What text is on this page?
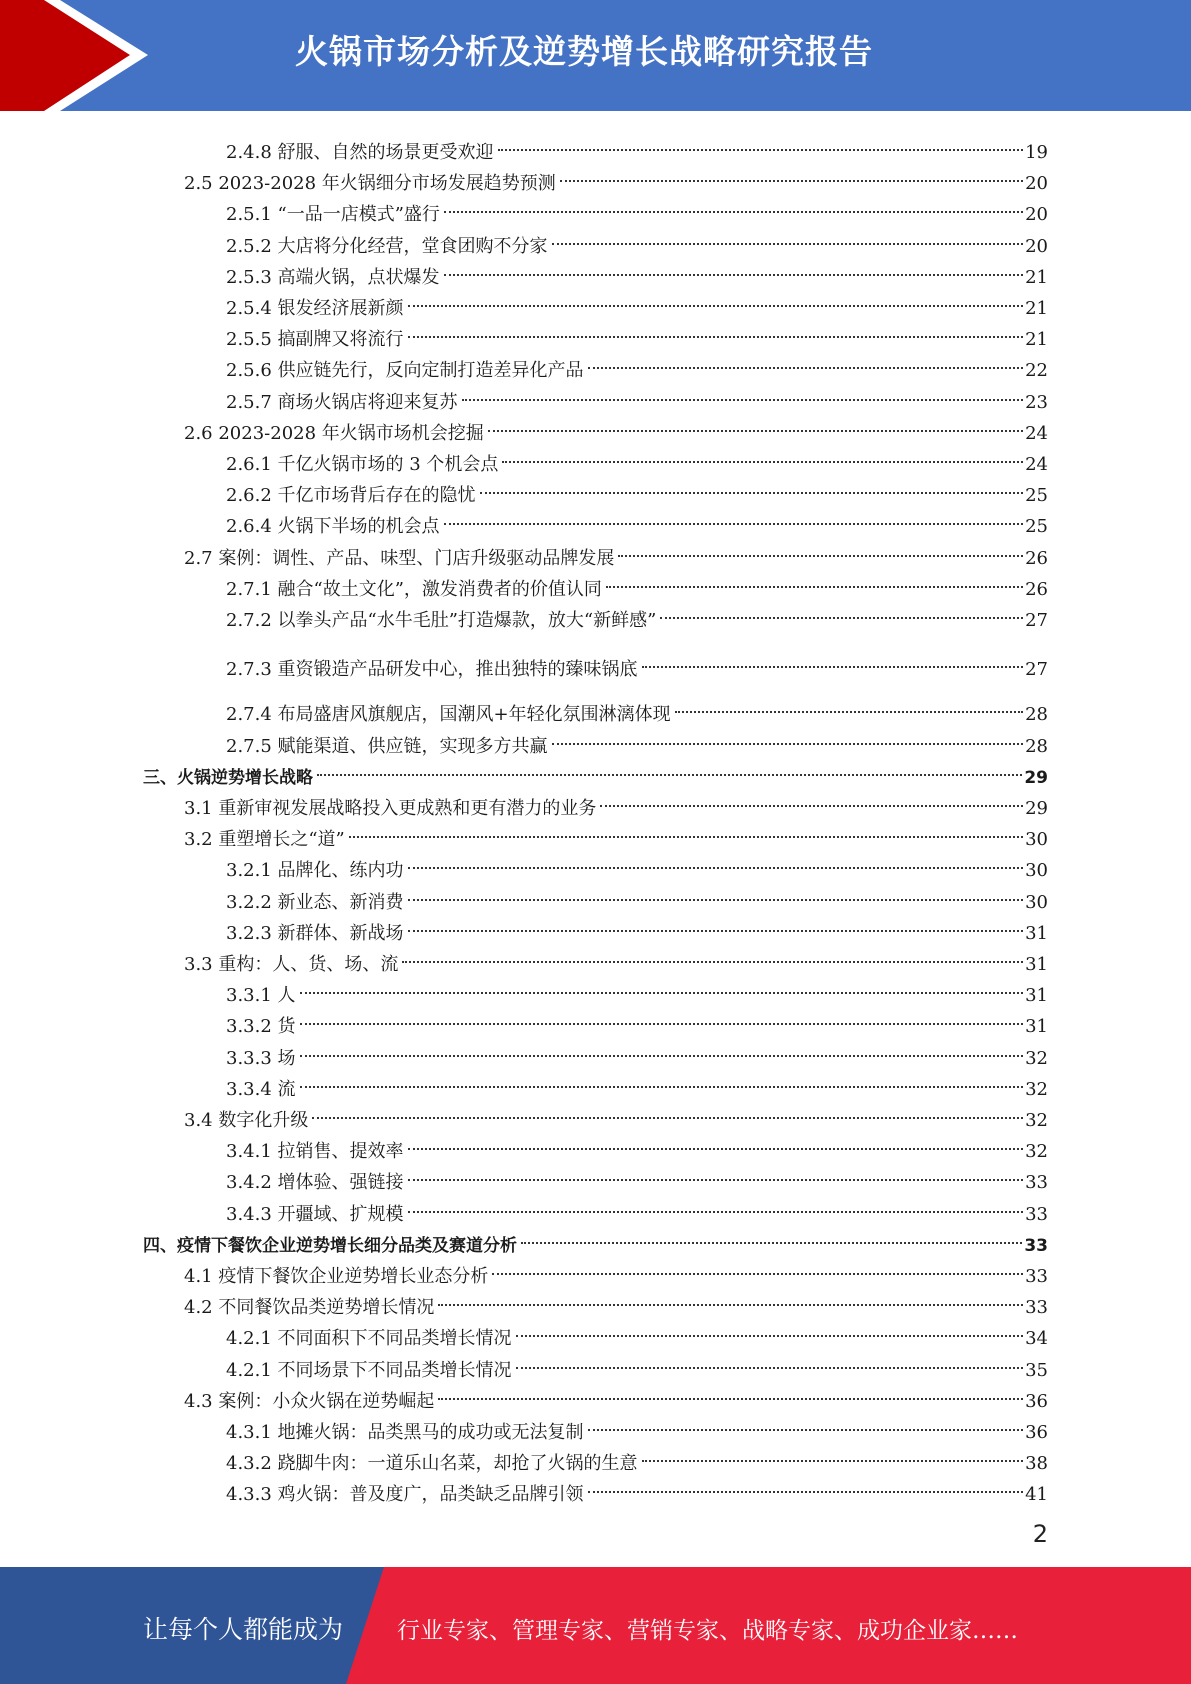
火锅市场分析及逆势增长战略研究报告
2.4.8 舒服、自然的场景更受欢迎	19
2.5 2023-2028 年火锅细分市场发展趋势预测	20
2.5.1 “一品一店模式”盛行	20
2.5.2 大店将分化经营，堂食团购不分家	20
2.5.3 高端火锅，点状爆发	21
2.5.4 银发经济展新颜	21
2.5.5 搞副牌又将流行	21
2.5.6 供应链先行，反向定制打造差异化产品	22
2.5.7 商场火锅店将迎来复苏	23
2.6 2023-2028 年火锅市场机会挖掘	24
2.6.1 千亿火锅市场的 3 个机会点	24
2.6.2 千亿市场背后存在的隐忧	25
2.6.4 火锅下半场的机会点	25
2.7 案例：调性、产品、味型、门店升级驱动品牌发展	26
2.7.1 融合“故土文化”，激发消费者的价值认同	26
2.7.2 以拳头产品“水牛毛肚”打造爆款，放大“新鲜感”	27
2.7.3 重资锻造产品研发中心，推出独特的臻味锅底	27
2.7.4 布局盛唐风旗舰店，国潮风+年轻化氛围淋漓体现	28
2.7.5 赋能渠道、供应链，实现多方共赢	28
三、火锅逆势增长战略	29
3.1 重新审视发展战略投入更成熟和更有潜力的业务	29
3.2 重塑增长之“道”	30
3.2.1 品牌化、练内功	30
3.2.2 新业态、新消费	30
3.2.3 新群体、新战场	31
3.3 重构：人、货、场、流	31
3.3.1 人	31
3.3.2 货	31
3.3.3 场	32
3.3.4 流	32
3.4 数字化升级	32
3.4.1 拉销售、提效率	32
3.4.2 增体验、强链接	33
3.4.3 开疆域、扩规模	33
四、疫情下餐饮企业逆势增长细分品类及赛道分析	33
4.1 疫情下餐饮企业逆势增长业态分析	33
4.2 不同餐饮品类逆势增长情况	33
4.2.1 不同面积下不同品类增长情况	34
4.2.1 不同场景下不同品类增长情况	35
4.3 案例：小众火锅在逆势崛起	36
4.3.1 地摊火锅：品类黑马的成功或无法复制	36
4.3.2 跷脚牛肉：一道乐山名菜，却抢了火锅的生意	38
4.3.3 鸡火锅：普及度广，品类缺乏品牌引领	41
2
让每个人都能成为 行业专家、管理专家、营销专家、战略专家、成功企业家……
